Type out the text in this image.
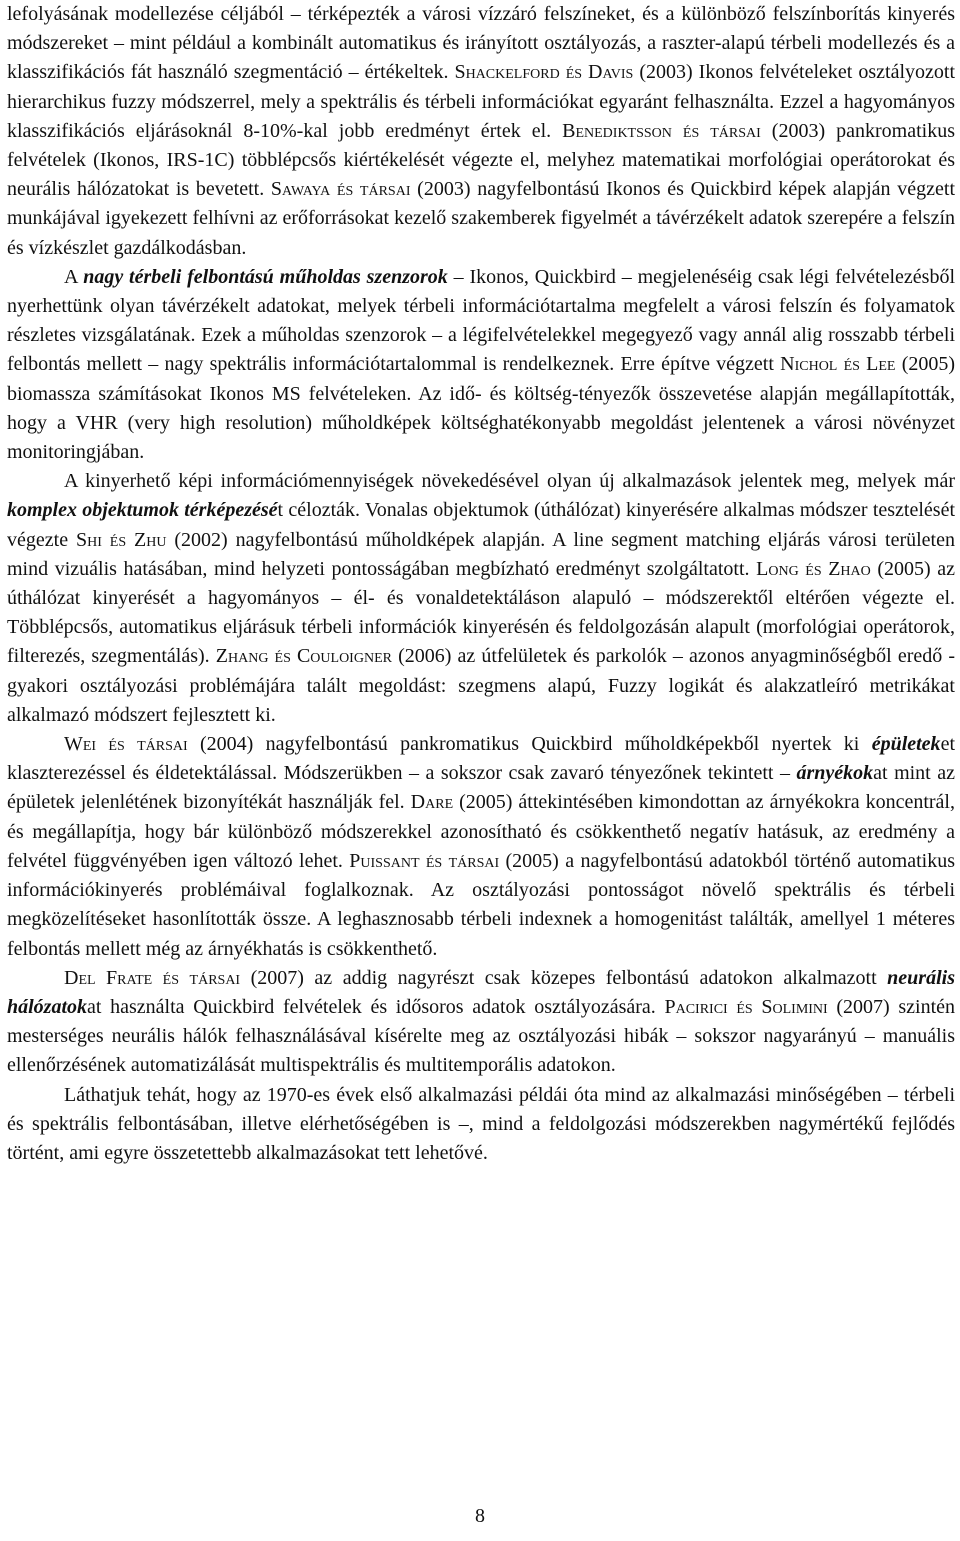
lefolyásának modellezése céljából – térképezték a városi vízzáró felszíneket, és a különböző felszínborítás kinyerés módszereket – mint például a kombinált automatikus és irányított osztályozás, a raszter-alapú térbeli modellezés és a klasszifikációs fát használó szegmentáció – értékeltek. Shackelford és Davis (2003) Ikonos felvételeket osztályozott hierarchikus fuzzy módszerrel, mely a spektrális és térbeli információkat egyaránt felhasználta. Ezzel a hagyományos klasszifikációs eljárásoknál 8-10%-kal jobb eredményt értek el. Benediktsson és társai (2003) pankromatikus felvételek (Ikonos, IRS-1C) többlépcsős kiértékelését végezte el, melyhez matematikai morfológiai operátorokat és neurális hálózatokat is bevetett. Sawaya és társai (2003) nagyfelbontású Ikonos és Quickbird képek alapján végzett munkájával igyekezett felhívni az erőforrásokat kezelő szakemberek figyelmét a távérzékelt adatok szerepére a felszín és vízkészlet gazdálkodásban.

A nagy térbeli felbontású műholdas szenzorok – Ikonos, Quickbird – megjelenéséig csak légi felvételezésből nyerhettünk olyan távérzékelt adatokat, melyek térbeli információtartalma megfelelt a városi felszín és folyamatok részletes vizsgálatának. Ezek a műholdas szenzorok – a légifelvételekkel megegyező vagy annál alig rosszabb térbeli felbontás mellett – nagy spektrális információtartalommal is rendelkeznek. Erre építve végzett Nichol és Lee (2005) biomassza számításokat Ikonos MS felvételeken. Az idő- és költség-tényezők összevetése alapján megállapították, hogy a VHR (very high resolution) műholdképek költséghatékonyabb megoldást jelentenek a városi növényzet monitoringjában.

A kinyerhető képi információmennyiségek növekedésével olyan új alkalmazások jelentek meg, melyek már komplex objektumok térképezését célozták. Vonalas objektumok (úthálózat) kinyerésére alkalmas módszer tesztelését végezte Shi és Zhu (2002) nagyfelbontású műholdképek alapján. A line segment matching eljárás városi területen mind vizuális hatásában, mind helyzeti pontosságában megbízható eredményt szolgáltatott. Long és Zhao (2005) az úthálózat kinyerését a hagyományos – él- és vonaldetektáláson alapuló – módszerektől eltérően végezte el. Többlépcsős, automatikus eljárásuk térbeli információk kinyerésén és feldolgozásán alapult (morfológiai operátorok, filterezés, szegmentálás). Zhang és Couloigner (2006) az útfelületek és parkolók – azonos anyagminőségből eredő - gyakori osztályozási problémájára talált megoldást: szegmens alapú, Fuzzy logikát és alakzatleíró metrikákat alkalmazó módszert fejlesztett ki.

Wei és társai (2004) nagyfelbontású pankromatikus Quickbird műholdképekből nyertek ki épületeket klaszterezéssel és éldetektálással. Módszerükben – a sokszor csak zavaró tényezőnek tekintett – árnyékokat mint az épületek jelenlétének bizonyítékát használják fel. Dare (2005) áttekintésében kimondottan az árnyékokra koncentrál, és megállapítja, hogy bár különböző módszerekkel azonosítható és csökkenthető negatív hatásuk, az eredmény a felvétel függvényében igen változó lehet. Puissant és társai (2005) a nagyfelbontású adatokból történő automatikus információkinyerés problémáival foglalkoznak. Az osztályozási pontosságot növelő spektrális és térbeli megközelítéseket hasonlították össze. A leghasznosabb térbeli indexnek a homogenitást találták, amellyel 1 méteres felbontás mellett még az árnyékhatás is csökkenthető.

Del Frate és társai (2007) az addig nagyrészt csak közepes felbontású adatokon alkalmazott neurális hálózatokat használta Quickbird felvételek és idősoros adatok osztályozására. Pacirici és Solimini (2007) szintén mesterséges neurális hálók felhasználásával kísérelte meg az osztályozási hibák – sokszor nagyarányú – manuális ellenőrzésének automatizálását multispektrális és multitemporális adatokon.

Láthatjuk tehát, hogy az 1970-es évek első alkalmazási példái óta mind az alkalmazási minőségében – térbeli és spektrális felbontásában, illetve elérhetőségében is –, mind a feldolgozási módszerekben nagymértékű fejlődés történt, ami egyre összetettebb alkalmazásokat tett lehetővé.

8
